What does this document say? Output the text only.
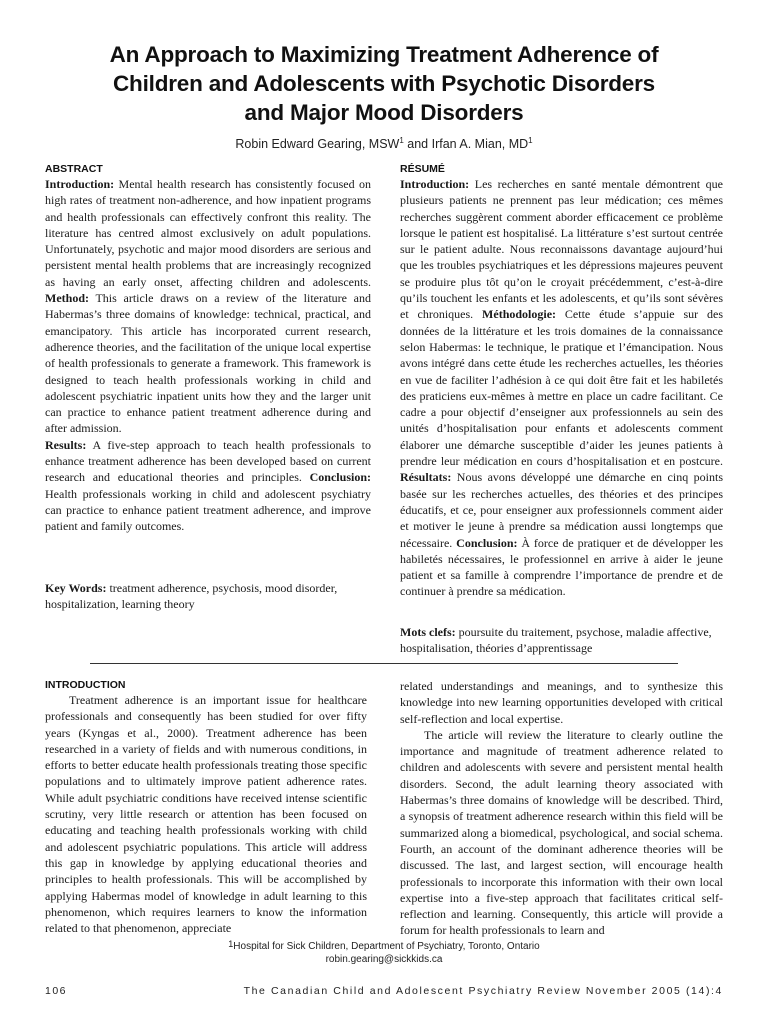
An Approach to Maximizing Treatment Adherence of
Children and Adolescents with Psychotic Disorders
and Major Mood Disorders
Robin Edward Gearing, MSW$^1$ and Irfan A. Mian, $MD^1$
ABSTRACT

Introduction: Mental health research has consistently focused on high rates of treatment non-adherence, and how inpatient programs and health professionals can effectively confront this reality. The literature has centred almost exclusively on adult populations. Unfortunately, psychotic and major mood disorders are serious and persistent mental health problems that are increasingly recognized as having an early onset, affecting children and adolescents. Method: This article draws on a review of the literature and Habermas’s three domains of knowledge: technical, practical, and emancipatory. This article has incorporated current research, adherence theories, and the facilitation of the unique local expertise of health professionals to generate a framework. This framework is designed to teach health professionals working in child and adolescent psychiatric inpatient units how they and the larger unit can practice to enhance patient treatment adherence during and after admission.

Results: A five-step approach to teach health professionals to enhance treatment adherence has been developed based on current research and educational theories and principles. Conclusion: Health professionals working in child and adolescent psychiatry can practice to enhance patient treatment adherence, and improve patient and family outcomes.

Key Words: treatment adherence, psychosis, mood disorder, hospitalization, learning theory
RÉSUMÉ

Introduction: Les recherches en santé mentale démontrent que plusieurs patients ne prennent pas leur médication; ces mêmes recherches suggèrent comment aborder efficacement ce problème lorsque le patient est hospitalisé. La littérature s’est surtout centrée sur le patient adulte. Nous reconnaissons davantage aujourd’hui que les troubles psychiatriques et les dépressions majeures peuvent se produire plus tôt qu’on le croyait précédemment, c’est-à-dire qu’ils touchent les enfants et les adolescents, et qu’ils sont sévères et chroniques. Méthodologie: Cette étude s’appuie sur des données de la littérature et les trois domaines de la connaissance selon Habermas: le technique, le pratique et l’émancipation. Nous avons intégré dans cette étude les recherches actuelles, les théories en vue de faciliter l’adhésion à ce qui doit être fait et les habiletés des praticiens eux-mêmes à mettre en place un cadre facilitant. Ce cadre a pour objectif d’enseigner aux professionnels au sein des unités d’hospitalisation pour enfants et adolescents comment élaborer une démarche susceptible d’aider les jeunes patients à prendre leur médication en cours d’hospitalisation et en postcure. Résultats: Nous avons développé une démarche en cinq points basée sur les recherches actuelles, des théories et des principes éducatifs, et ce, pour enseigner aux professionnels comment aider et motiver le jeune à prendre sa médication aussi longtemps que nécessaire. Conclusion: À force de pratiquer et de développer les habiletés nécessaires, le professionnel en arrive à aider le jeune patient et sa famille à comprendre l’importance de prendre et de continuer à prendre sa médication.

Mots clefs: poursuite du traitement, psychose, maladie affective, hospitalisation, théories d’apprentissage
INTRODUCTION

Treatment adherence is an important issue for healthcare professionals and consequently has been studied for over fifty years (Kyngas et al., 2000). Treatment adherence has been researched in a variety of fields and with numerous conditions, in efforts to better educate health professionals treating those specific populations and to ultimately improve patient adherence rates. While adult psychiatric conditions have received intense scientific scrutiny, very little research or attention has been focused on educating and teaching health professionals working with child and adolescent psychiatric populations. This article will address this gap in knowledge by applying educational theories and principles to health professionals. This will be accomplished by applying Habermas model of knowledge in adult learning to this phenomenon, which requires learners to know the information related to that phenomenon, appreciate

related understandings and meanings, and to synthesize this knowledge into new learning opportunities developed with critical self-reflection and local expertise.

The article will review the literature to clearly outline the importance and magnitude of treatment adherence related to children and adolescents with severe and persistent mental health disorders. Second, the adult learning theory associated with Habermas’s three domains of knowledge will be described. Third, a synopsis of treatment adherence research within this field will be summarized along a biomedical, psychological, and social schema. Fourth, an account of the dominant adherence theories will be discussed. The last, and largest section, will encourage health professionals to incorporate this information with their own local expertise into a five-step approach that facilitates critical self-reflection and learning. Consequently, this article will provide a forum for health professionals to learn and

$^1$Hospital for Sick Children, Department of Psychiatry, Toronto, Ontario
robin.gearing@sickkids.ca
106	The Canadian Child and Adolescent Psychiatry Review November 2005 (14):4
